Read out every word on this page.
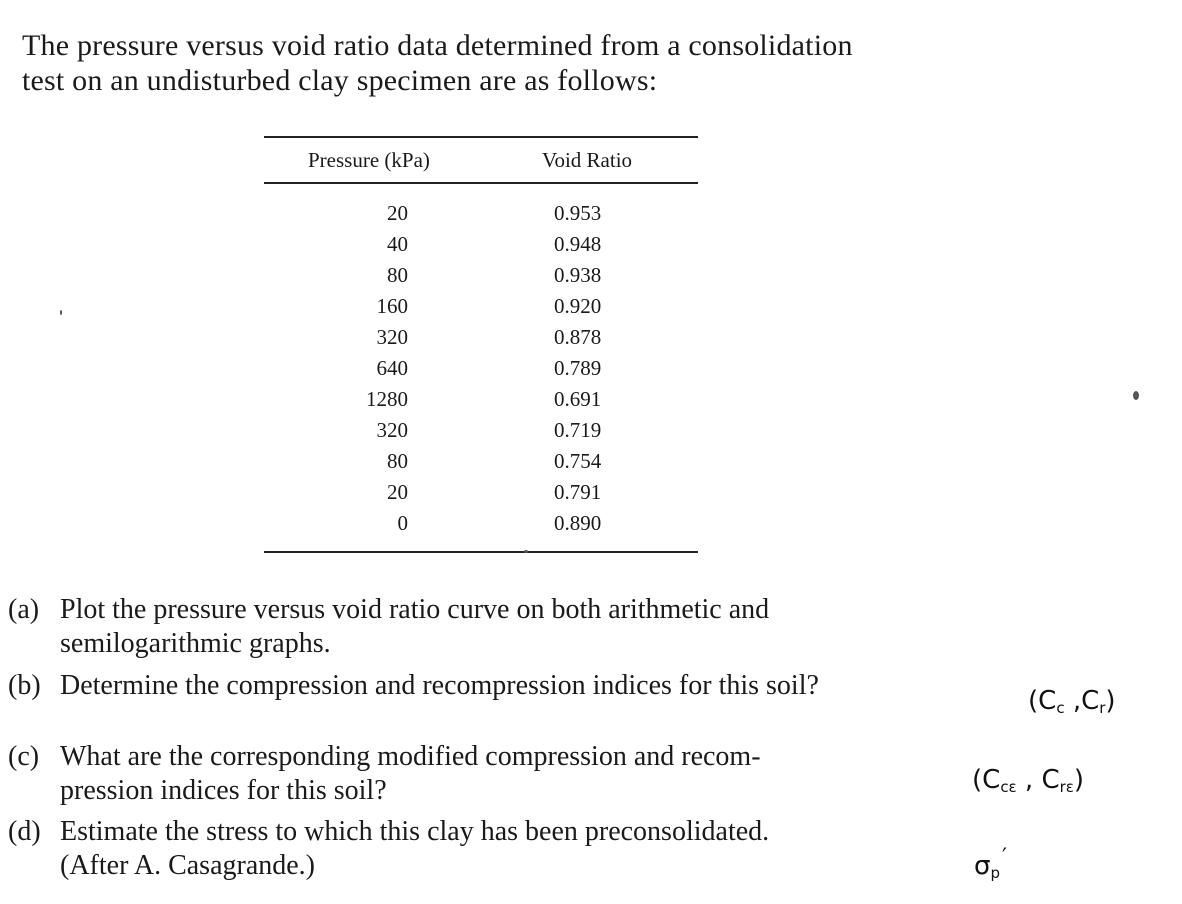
The pressure versus void ratio data determined from a consolidation
test on an undisturbed clay specimen are as follows:
Pressure (kPa)	Void Ratio
20	0.953
40	0.948
80	0.938
160	0.920
320	0.878
640	0.789
1280	0.691
320	0.719
80	0.754
20	0.791
0	0.890
(a) Plot the pressure versus void ratio curve on both arithmetic and
semilogarithmic graphs.
(b) Determine the compression and recompression indices for this soil?	($C_c$ $,C_r$)
(c) What are the corresponding modified compression and recom-
pression indices for this soil?	($C_{c\varepsilon}$ , $C_{r\varepsilon}$)
(d) Estimate the stress to which this clay has been preconsolidated.
(After A. Casagrande.)	$\sigma_p'$
